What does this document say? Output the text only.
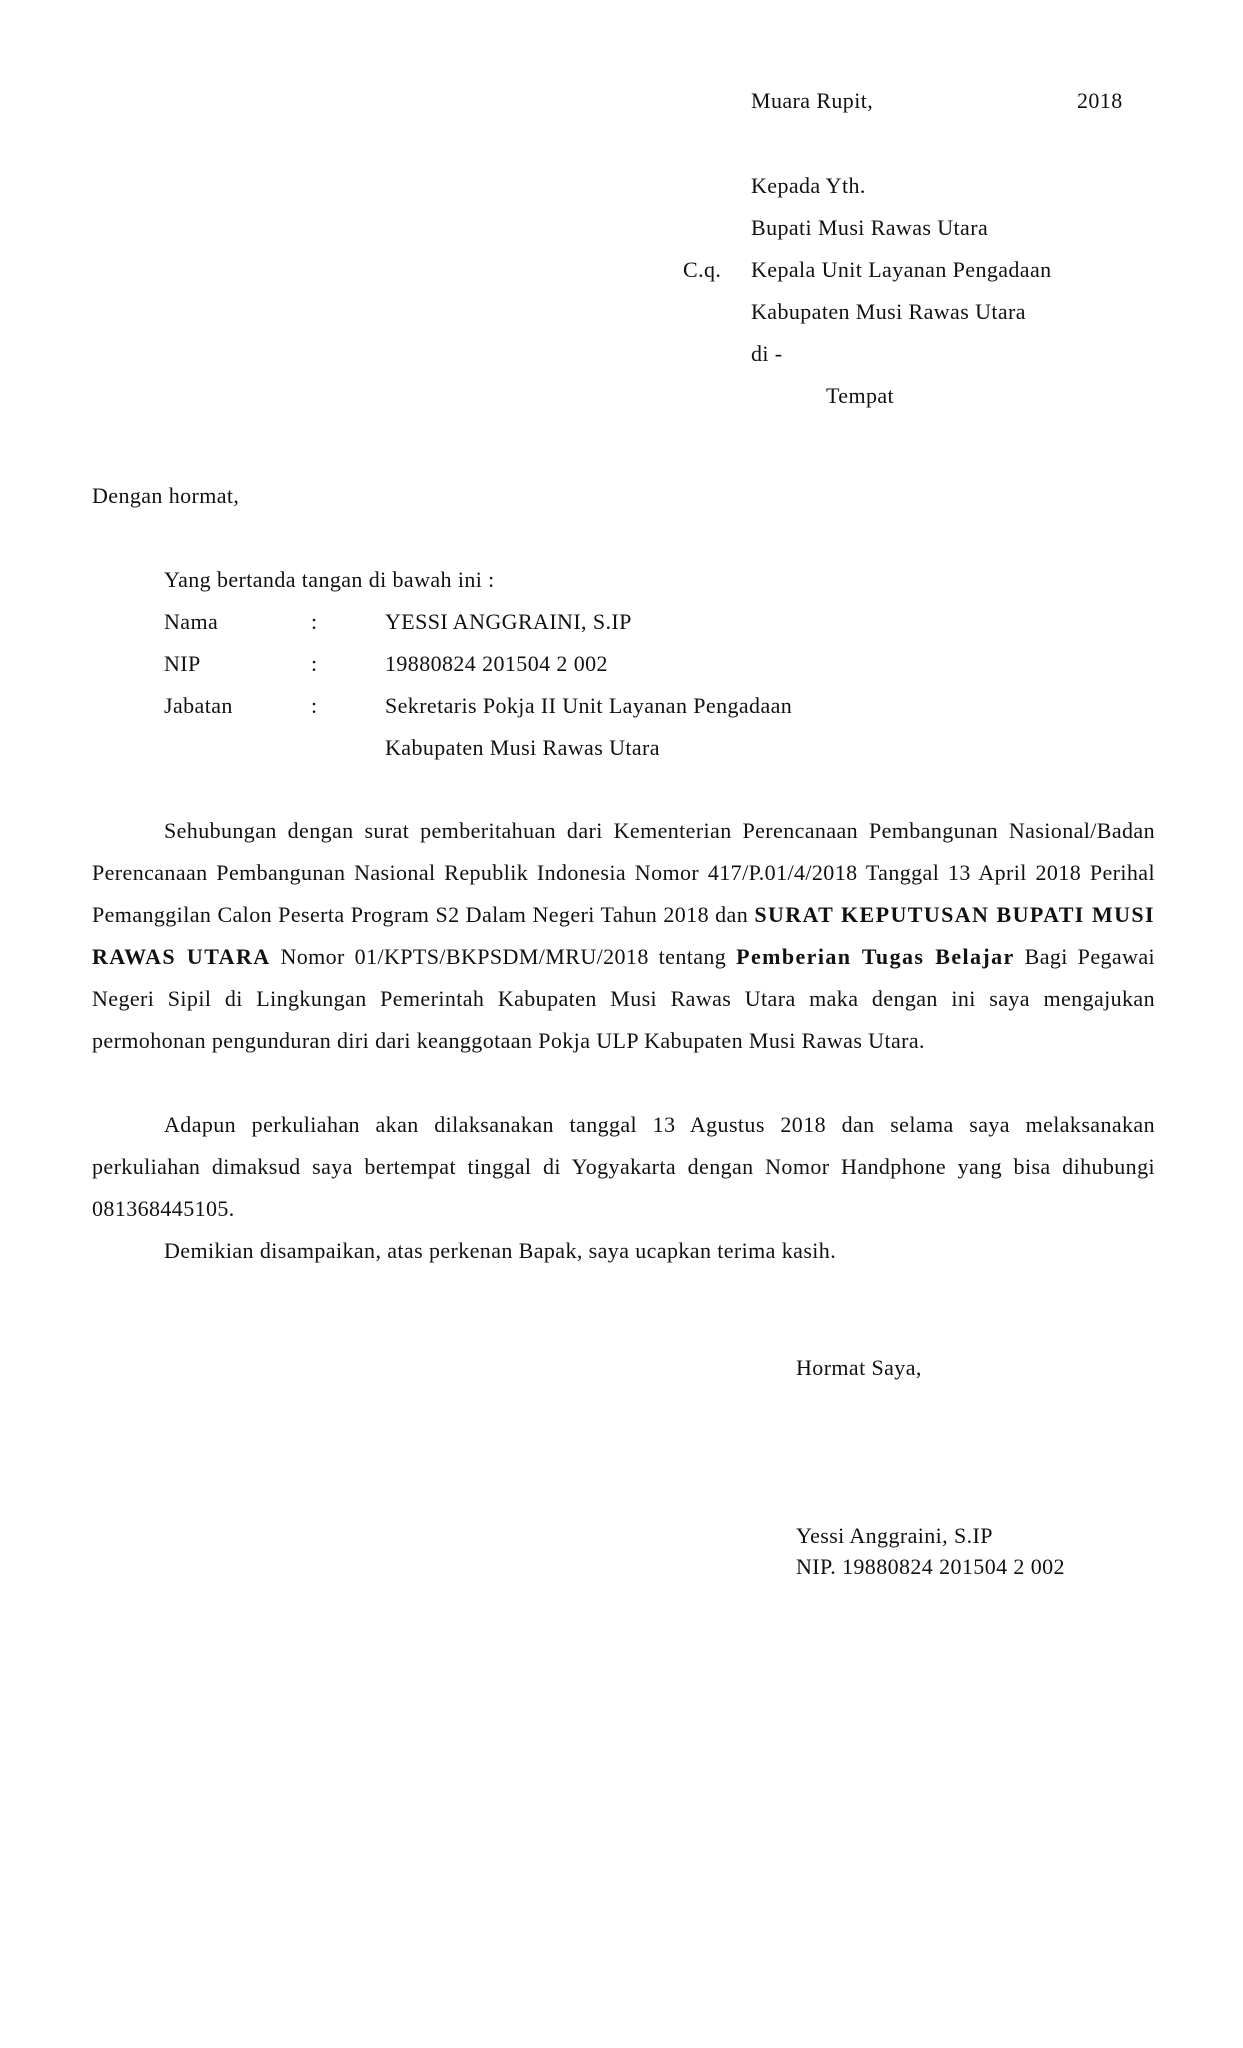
Muara Rupit,	2018
Kepada Yth.
Bupati Musi Rawas Utara
C.q. Kepala Unit Layanan Pengadaan
Kabupaten Musi Rawas Utara
di -
Tempat
Dengan hormat,
Yang bertanda tangan di bawah ini :
Nama	:	YESSI ANGGRAINI, S.IP
NIP	:	19880824 201504 2 002
Jabatan	:	Sekretaris Pokja II Unit Layanan Pengadaan
Kabupaten Musi Rawas Utara
Sehubungan dengan surat pemberitahuan dari Kementerian Perencanaan Pembangunan Nasional/Badan Perencanaan Pembangunan Nasional Republik Indonesia Nomor 417/P.01/4/2018 Tanggal 13 April 2018 Perihal Pemanggilan Calon Peserta Program S2 Dalam Negeri Tahun 2018 dan SURAT KEPUTUSAN BUPATI MUSI RAWAS UTARA Nomor 01/KPTS/BKPSDM/MRU/2018 tentang Pemberian Tugas Belajar Bagi Pegawai Negeri Sipil di Lingkungan Pemerintah Kabupaten Musi Rawas Utara maka dengan ini saya mengajukan permohonan pengunduran diri dari keanggotaan Pokja ULP Kabupaten Musi Rawas Utara.
Adapun perkuliahan akan dilaksanakan tanggal 13 Agustus 2018 dan selama saya melaksanakan perkuliahan dimaksud saya bertempat tinggal di Yogyakarta dengan Nomor Handphone yang bisa dihubungi 081368445105.
Demikian disampaikan, atas perkenan Bapak, saya ucapkan terima kasih.
Hormat Saya,
Yessi Anggraini, S.IP
NIP. 19880824 201504 2 002
